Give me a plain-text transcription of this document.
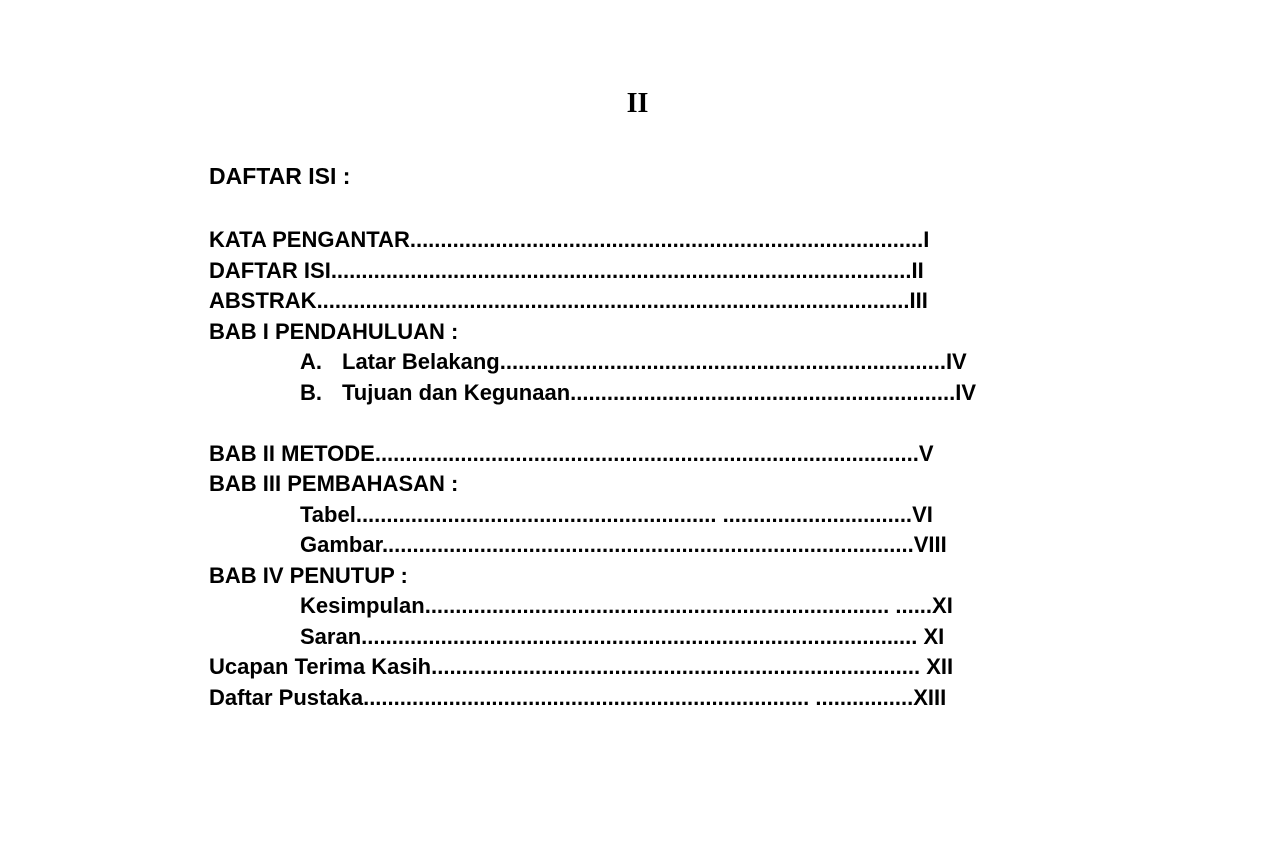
II
DAFTAR ISI :
KATA PENGANTAR....................................................................................I
DAFTAR ISI...............................................................................................II
ABSTRAK.................................................................................................III
BAB I PENDAHULUAN :
A. Latar Belakang.........................................................................IV
B. Tujuan dan Kegunaan...............................................................IV
BAB II METODE.........................................................................................V
BAB III PEMBAHASAN :
Tabel........................................................... ...............................VI
Gambar.......................................................................................VIII
BAB IV PENUTUP :
Kesimpulan............................................................................ ......XI
Saran........................................................................................... XI
Ucapan Terima Kasih................................................................................ XII
Daftar Pustaka......................................................................... ................XIII
